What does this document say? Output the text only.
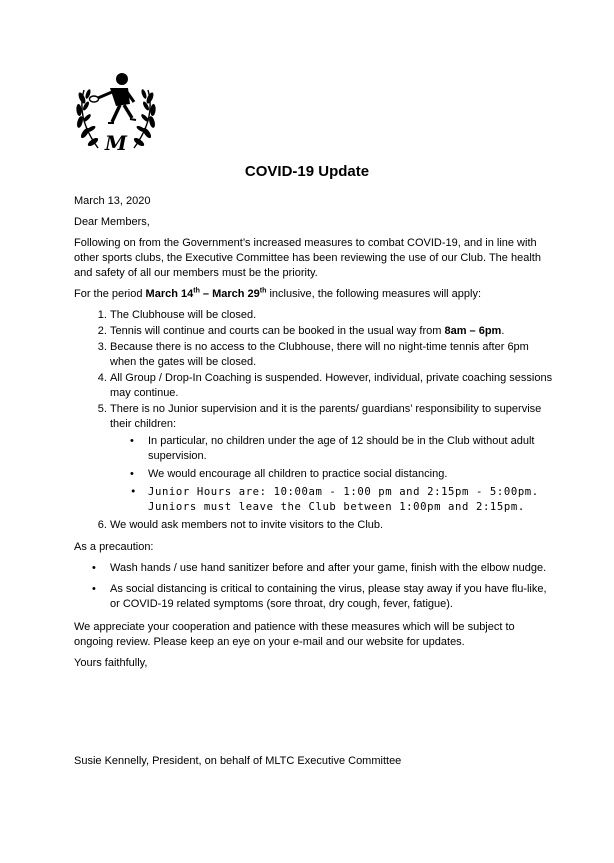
M
COVID-19 Update

March 13, 2020

Dear Members,

Following on from the Government’s increased measures to combat COVID-19, and in line with other sports clubs, the Executive Committee has been reviewing the use of our Club. The health and safety of all our members must be the priority.

For the period March 14th – March 29th inclusive, the following measures will apply:

1. The Clubhouse will be closed.
2. Tennis will continue and courts can be booked in the usual way from 8am – 6pm.
3. Because there is no access to the Clubhouse, there will no night-time tennis after 6pm when the gates will be closed.
4. All Group / Drop-In Coaching is suspended. However, individual, private coaching sessions may continue.
5. There is no Junior supervision and it is the parents/ guardians’ responsibility to supervise their children:
• In particular, no children under the age of 12 should be in the Club without adult supervision.
• We would encourage all children to practice social distancing.
• Junior Hours are: 10:00am - 1:00 pm and 2:15pm - 5:00pm. Juniors must leave the Club between 1:00pm and 2:15pm.
6. We would ask members not to invite visitors to the Club.

As a precaution:

• Wash hands / use hand sanitizer before and after your game, finish with the elbow nudge.
• As social distancing is critical to containing the virus, please stay away if you have flu-like, or COVID-19 related symptoms (sore throat, dry cough, fever, fatigue).

We appreciate your cooperation and patience with these measures which will be subject to ongoing review. Please keep an eye on your e-mail and our website for updates.

Yours faithfully,

Susie Kennelly, President, on behalf of MLTC Executive Committee
